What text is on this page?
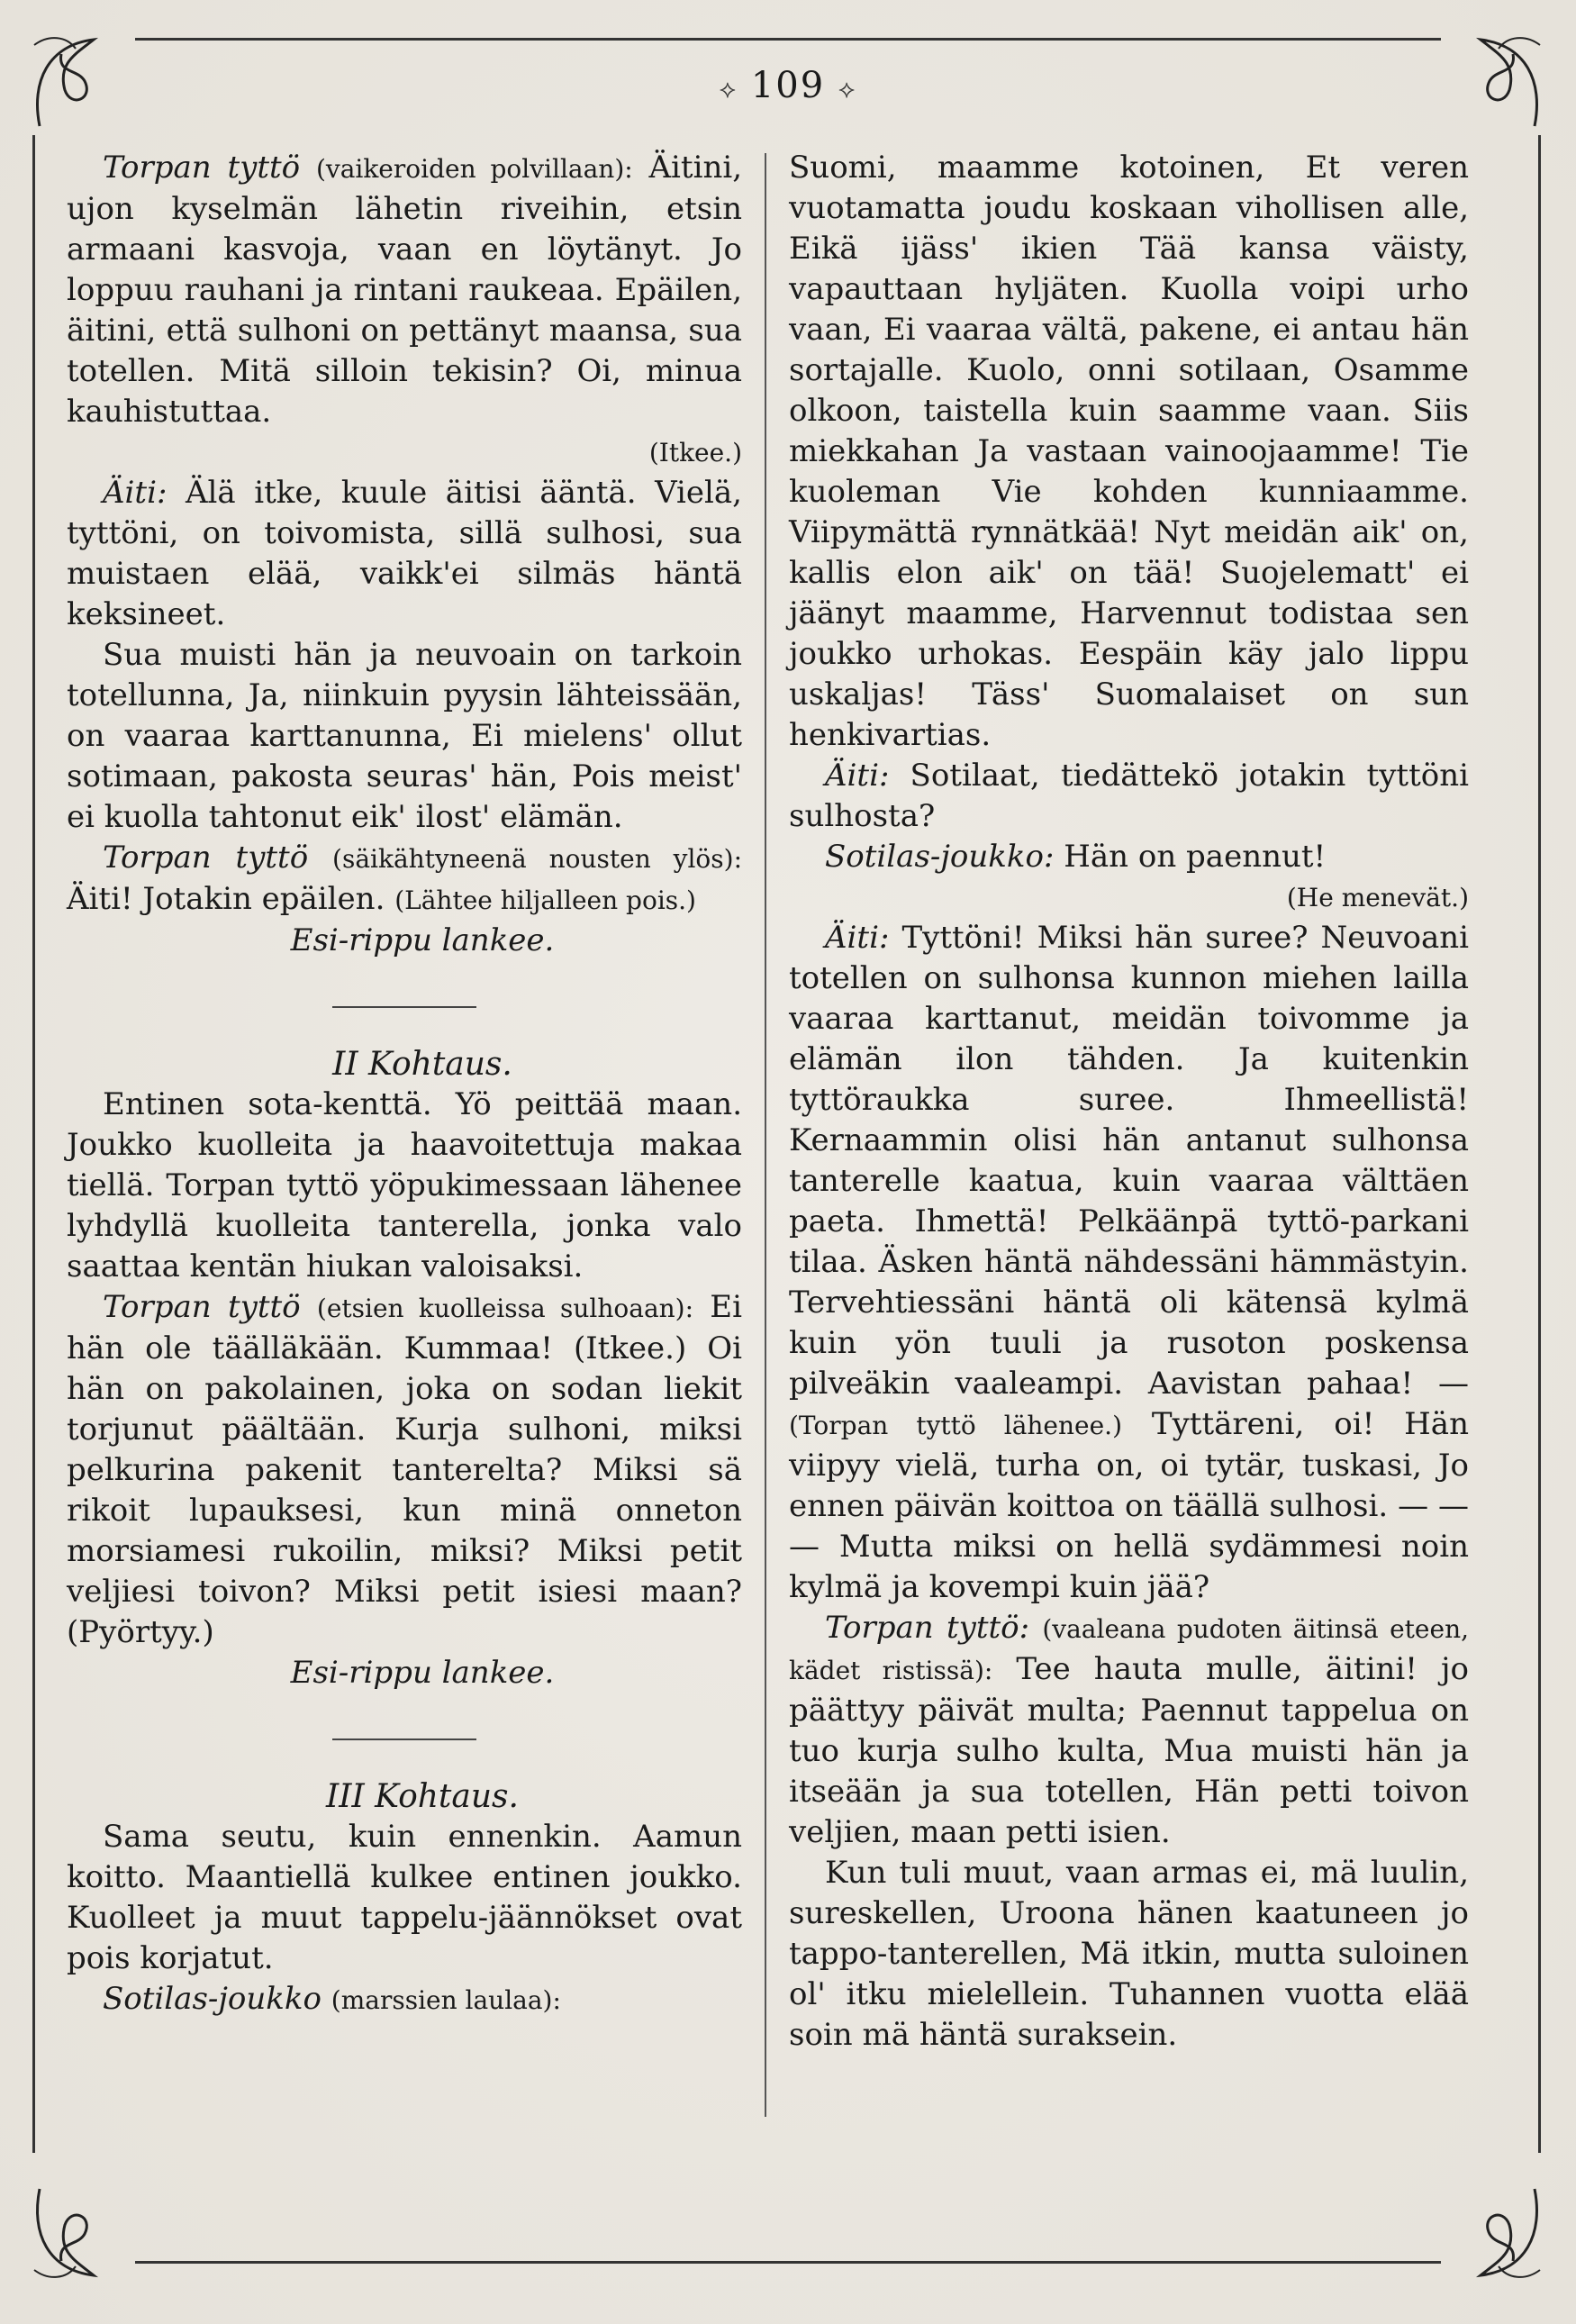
⟡ 109 ⟡

Torpan tyttö (vaikeroiden polvillaan): Äitini, ujon kyselmän lähetin riveihin, etsin armaani kasvoja, vaan en löytänyt. Jo loppuu rauhani ja rintani raukeaa. Epäilen, äitini, että sulhoni on pettänyt maansa, sua totellen. Mitä silloin tekisin? Oi, minua kauhistuttaa.

(Itkee.)

Äiti: Älä itke, kuule äitisi ääntä. Vielä, tyttöni, on toivomista, sillä sulhosi, sua muistaen elää, vaikk'ei silmäs häntä keksineet.

Sua muisti hän ja neuvoain on tarkoin totellunna, Ja, niinkuin pyysin lähteissään, on vaaraa karttanunna, Ei mielens' ollut sotimaan, pakosta seuras' hän, Pois meist' ei kuolla tahtonut eik' ilost' elämän.

Torpan tyttö (säikähtyneenä nousten ylös): Äiti! Jotakin epäilen. (Lähtee hiljalleen pois.)

Esi-rippu lankee.

II Kohtaus.

Entinen sota-kenttä. Yö peittää maan. Joukko kuolleita ja haavoitettuja makaa tiellä. Torpan tyttö yöpukimessaan lähenee lyhdyllä kuolleita tanterella, jonka valo saattaa kentän hiukan valoisaksi.

Torpan tyttö (etsien kuolleissa sulhoaan): Ei hän ole täälläkään. Kummaa! (Itkee.) Oi hän on pakolainen, joka on sodan liekit torjunut päältään. Kurja sulhoni, miksi pelkurina pakenit tanterelta? Miksi sä rikoit lupauksesi, kun minä onneton morsiamesi rukoilin, miksi? Miksi petit veljiesi toivon? Miksi petit isiesi maan? (Pyörtyy.)

Esi-rippu lankee.

III Kohtaus.

Sama seutu, kuin ennenkin. Aamun koitto. Maantiellä kulkee entinen joukko. Kuolleet ja muut tappelu-jäännökset ovat pois korjatut.

Sotilas-joukko (marssien laulaa):

Suomi, maamme kotoinen, Et veren vuotamatta joudu koskaan vihollisen alle, Eikä ijäss' ikien Tää kansa väisty, vapauttaan hyljäten. Kuolla voipi urho vaan, Ei vaaraa vältä, pakene, ei antau hän sortajalle. Kuolo, onni sotilaan, Osamme olkoon, taistella kuin saamme vaan. Siis miekkahan Ja vastaan vainoojaamme! Tie kuoleman Vie kohden kunniaamme. Viipymättä rynnätkää! Nyt meidän aik' on, kallis elon aik' on tää! Suojelematt' ei jäänyt maamme, Harvennut todistaa sen joukko urhokas. Eespäin käy jalo lippu uskaljas! Täss' Suomalaiset on sun henkivartias.

Äiti: Sotilaat, tiedättekö jotakin tyttöni sulhosta?

Sotilas-joukko: Hän on paennut!

(He menevät.)

Äiti: Tyttöni! Miksi hän suree? Neuvoani totellen on sulhonsa kunnon miehen lailla vaaraa karttanut, meidän toivomme ja elämän ilon tähden. Ja kuitenkin tyttöraukka suree. Ihmeellistä! Kernaammin olisi hän antanut sulhonsa tanterelle kaatua, kuin vaaraa välttäen paeta. Ihmettä! Pelkäänpä tyttö-parkani tilaa. Äsken häntä nähdessäni hämmästyin. Tervehtiessäni häntä oli kätensä kylmä kuin yön tuuli ja rusoton poskensa pilveäkin vaaleampi. Aavistan pahaa! — (Torpan tyttö lähenee.) Tyttäreni, oi! Hän viipyy vielä, turha on, oi tytär, tuskasi, Jo ennen päivän koittoa on täällä sulhosi. — — — Mutta miksi on hellä sydämmesi noin kylmä ja kovempi kuin jää?

Torpan tyttö: (vaaleana pudoten äitinsä eteen, kädet ristissä): Tee hauta mulle, äitini! jo päättyy päivät multa; Paennut tappelua on tuo kurja sulho kulta, Mua muisti hän ja itseään ja sua totellen, Hän petti toivon veljien, maan petti isien.

Kun tuli muut, vaan armas ei, mä luulin, sureskellen, Uroona hänen kaatuneen jo tappo-tanterellen, Mä itkin, mutta suloinen ol' itku mielellein. Tuhannen vuotta elää soin mä häntä suraksein.
